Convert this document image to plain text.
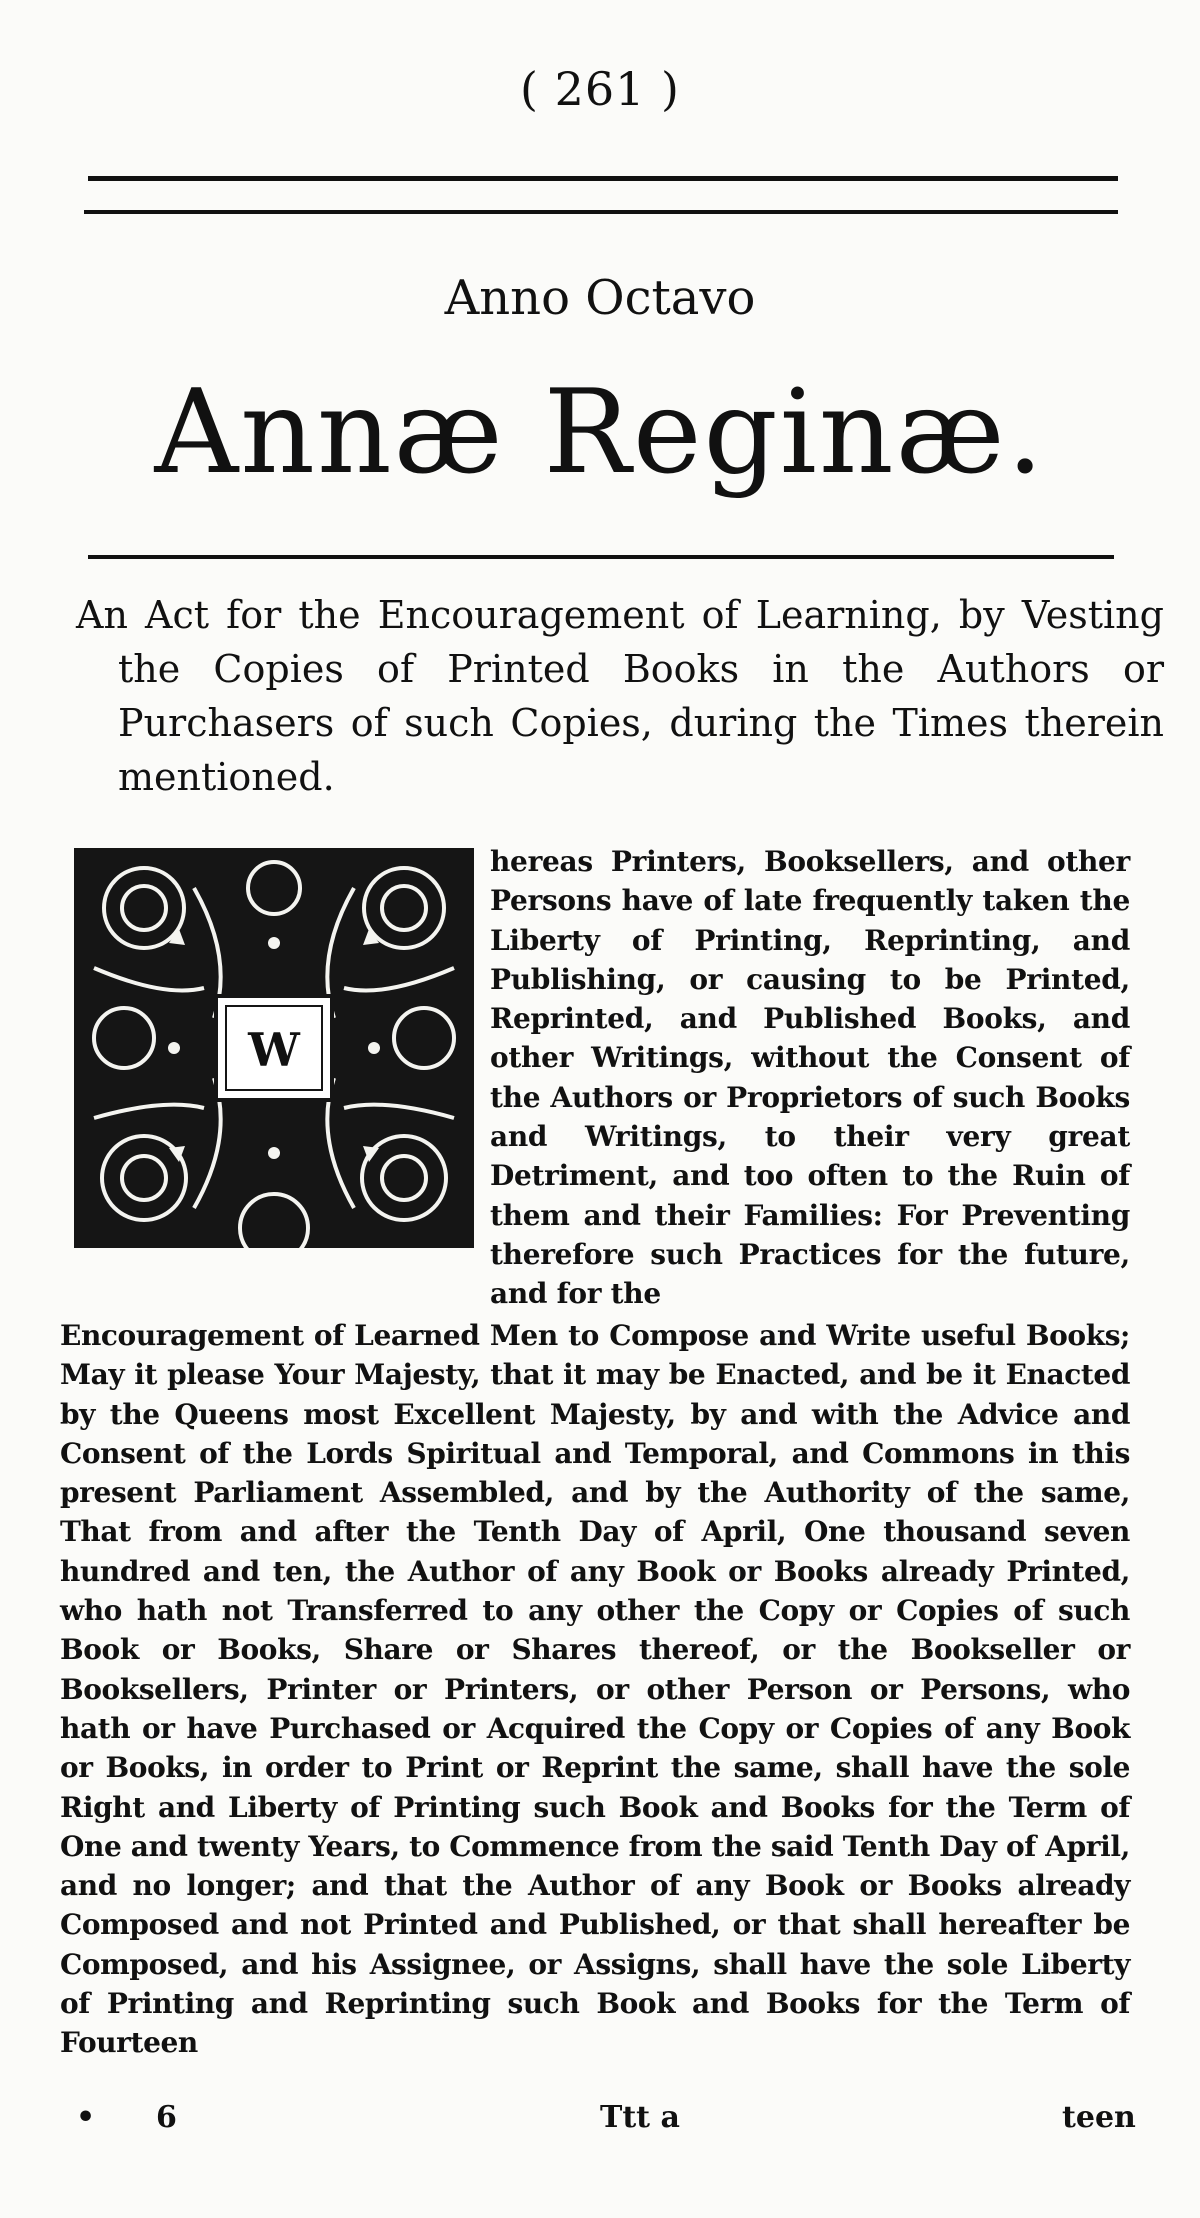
( 261 )
Anno Octavo
Annæ Reginæ.
An Act for the Encouragement of Learning, by Vesting the Copies of Printed Books in the Authors or Purchasers of such Copies, during the Times therein mentioned.
W
hereas Printers, Booksellers, and other Persons have of late frequently taken the Liberty of Printing, Reprinting, and Publishing, or causing to be Printed, Reprinted, and Published Books, and other Writings, without the Consent of the Authors or Proprietors of such Books and Writings, to their very great Detriment, and too often to the Ruin of them and their Families: For Preventing therefore such Practices for the future, and for the
Encouragement of Learned Men to Compose and Write useful Books; May it please Your Majesty, that it may be Enacted, and be it Enacted by the Queens most Excellent Majesty, by and with the Advice and Consent of the Lords Spiritual and Temporal, and Commons in this present Parliament Assembled, and by the Authority of the same, That from and after the Tenth Day of April, One thousand seven hundred and ten, the Author of any Book or Books already Printed, who hath not Transferred to any other the Copy or Copies of such Book or Books, Share or Shares thereof, or the Bookseller or Booksellers, Printer or Printers, or other Person or Persons, who hath or have Purchased or Acquired the Copy or Copies of any Book or Books, in order to Print or Reprint the same, shall have the sole Right and Liberty of Printing such Book and Books for the Term of One and twenty Years, to Commence from the said Tenth Day of April, and no longer; and that the Author of any Book or Books already Composed and not Printed and Published, or that shall hereafter be Composed, and his Assignee, or Assigns, shall have the sole Liberty of Printing and Reprinting such Book and Books for the Term of Fourteen
• 6	Ttt a	teen
